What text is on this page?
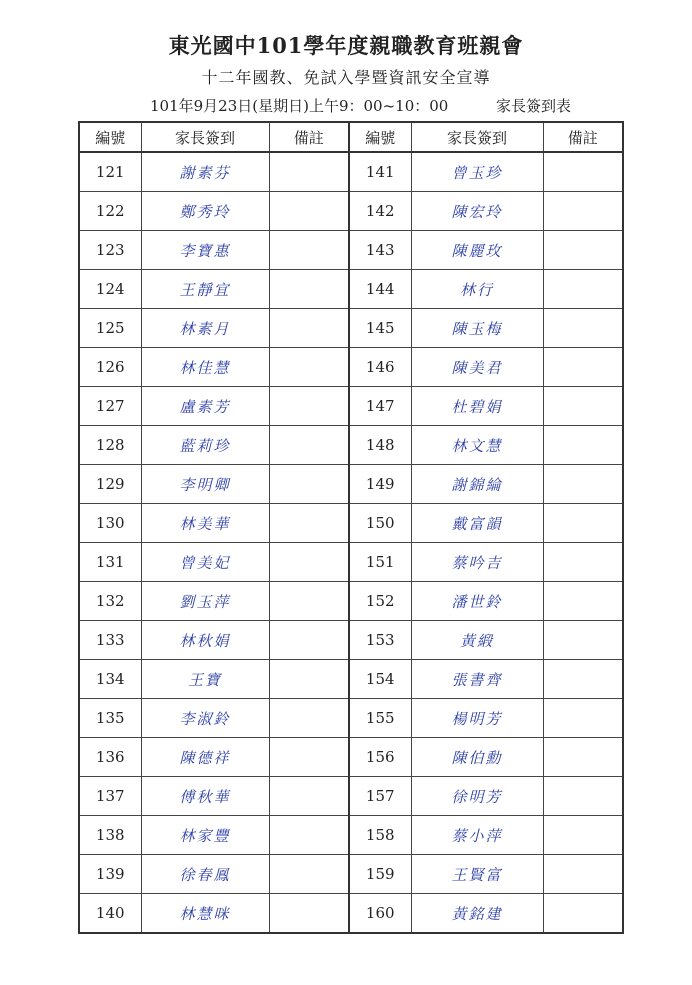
東光國中101學年度親職教育班親會
十二年國教、免試入學暨資訊安全宣導
101年9月23日(星期日)上午9：00~10：00	家長簽到表
編號	家長簽到	備註	編號	家長簽到	備註
121	謝素芬		141	曾玉珍	
122	鄭秀玲		142	陳宏玲	
123	李寶惠		143	陳麗玫	
124	王靜宜		144	林行	
125	林素月		145	陳玉梅	
126	林佳慧		146	陳美君	
127	盧素芳		147	杜碧娟	
128	藍莉珍		148	林文慧	
129	李明卿		149	謝錦綸	
130	林美華		150	戴富韻	
131	曾美妃		151	蔡吟吉	
132	劉玉萍		152	潘世鈴	
133	林秋娟		153	黃緞	
134	王寶		154	張書齊	
135	李淑鈴		155	楊明芳	
136	陳德祥		156	陳伯勳	
137	傅秋華		157	徐明芳	
138	林家豐		158	蔡小萍	
139	徐春鳳		159	王賢富	
140	林慧咪		160	黃銘建	
